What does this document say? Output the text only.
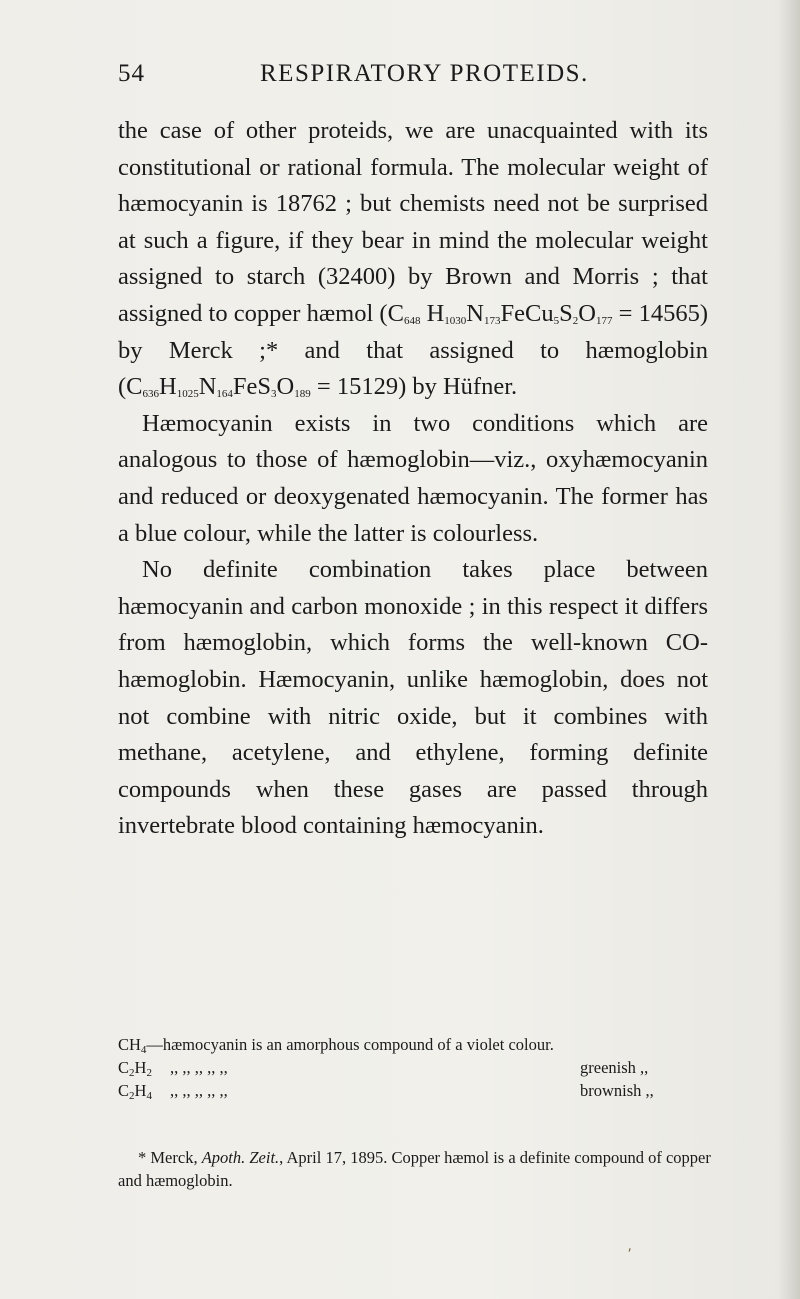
54	RESPIRATORY PROTEIDS.

the case of other proteids, we are unacquainted with its constitutional or rational formula. The molecular weight of hæmocyanin is 18762 ; but chemists need not be surprised at such a figure, if they bear in mind the molecular weight assigned to starch (32400) by Brown and Morris ; that assigned to copper hæmol ($C_{648}$ $H_{1030}N_{173}FeCu_5S_2O_{177} = 14565$) by Merck ;* and that assigned to hæmoglobin $(C_{636}H_{1025}N_{164}FeS_3O_{189} = 15129)$ by Hüfner.

Hæmocyanin exists in two conditions which are analogous to those of hæmoglobin—viz., oxyhæmocyanin and reduced or deoxygenated hæmocyanin. The former has a blue colour, while the latter is colourless.

No definite combination takes place between hæmocyanin and carbon monoxide ; in this respect it differs from hæmoglobin, which forms the well-known CO-hæmoglobin. Hæmocyanin, unlike hæmoglobin, does not not combine with nitric oxide, but it combines with methane, acetylene, and ethylene, forming definite compounds when these gases are passed through invertebrate blood containing hæmocyanin.

$CH_4—hæmocyanin$ is an amorphous compound of a violet colour.
$C_2H_2$ ,, ,, ,, ,, ,,	greenish ,,
$C_2H_4$ ,, ,, ,, ,, ,,	brownish ,,
* Merck, Apoth. Zeit., April 17, 1895. Copper hæmol is a definite compound of copper and hæmoglobin.
⸴
